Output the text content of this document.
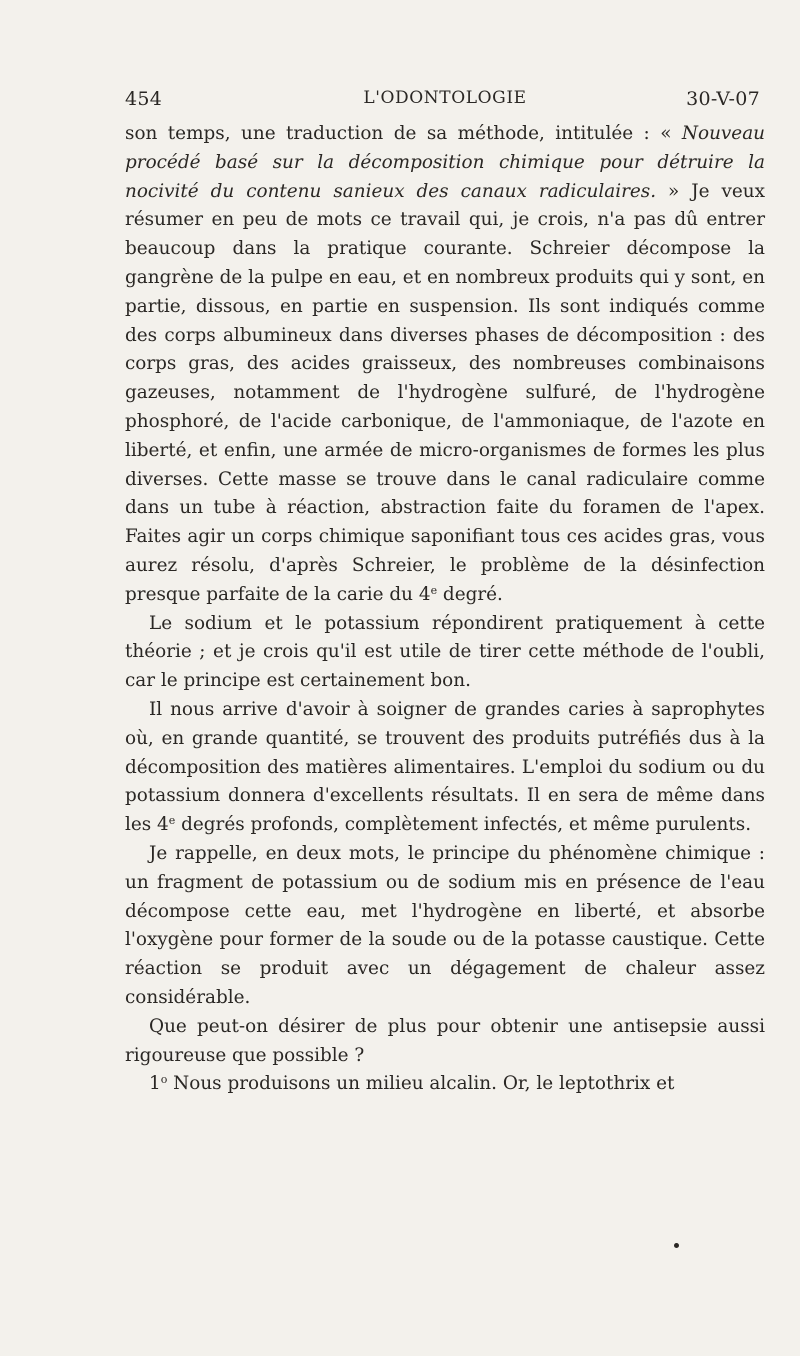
454	L'ODONTOLOGIE	30-V-07

son temps, une traduction de sa méthode, intitulée : « Nouveau procédé basé sur la décomposition chimique pour détruire la nocivité du contenu sanieux des canaux radiculaires. » Je veux résumer en peu de mots ce travail qui, je crois, n'a pas dû entrer beaucoup dans la pratique courante. Schreier décompose la gangrène de la pulpe en eau, et en nombreux produits qui y sont, en partie, dissous, en partie en suspension. Ils sont indiqués comme des corps albumineux dans diverses phases de décomposition : des corps gras, des acides graisseux, des nombreuses combinaisons gazeuses, notamment de l'hydrogène sulfuré, de l'hydrogène phosphoré, de l'acide carbonique, de l'ammoniaque, de l'azote en liberté, et enfin, une armée de micro-organismes de formes les plus diverses. Cette masse se trouve dans le canal radiculaire comme dans un tube à réaction, abstraction faite du foramen de l'apex. Faites agir un corps chimique saponifiant tous ces acides gras, vous aurez résolu, d'après Schreier, le problème de la désinfection presque parfaite de la carie du 4e degré.

Le sodium et le potassium répondirent pratiquement à cette théorie ; et je crois qu'il est utile de tirer cette méthode de l'oubli, car le principe est certainement bon.

Il nous arrive d'avoir à soigner de grandes caries à saprophytes où, en grande quantité, se trouvent des produits putréfiés dus à la décomposition des matières alimentaires. L'emploi du sodium ou du potassium donnera d'excellents résultats. Il en sera de même dans les 4e degrés profonds, complètement infectés, et même purulents.

Je rappelle, en deux mots, le principe du phénomène chimique : un fragment de potassium ou de sodium mis en présence de l'eau décompose cette eau, met l'hydrogène en liberté, et absorbe l'oxygène pour former de la soude ou de la potasse caustique. Cette réaction se produit avec un dégagement de chaleur assez considérable.

Que peut-on désirer de plus pour obtenir une antisepsie aussi rigoureuse que possible ?

1$^o$ Nous produisons un milieu alcalin. Or, le leptothrix et
